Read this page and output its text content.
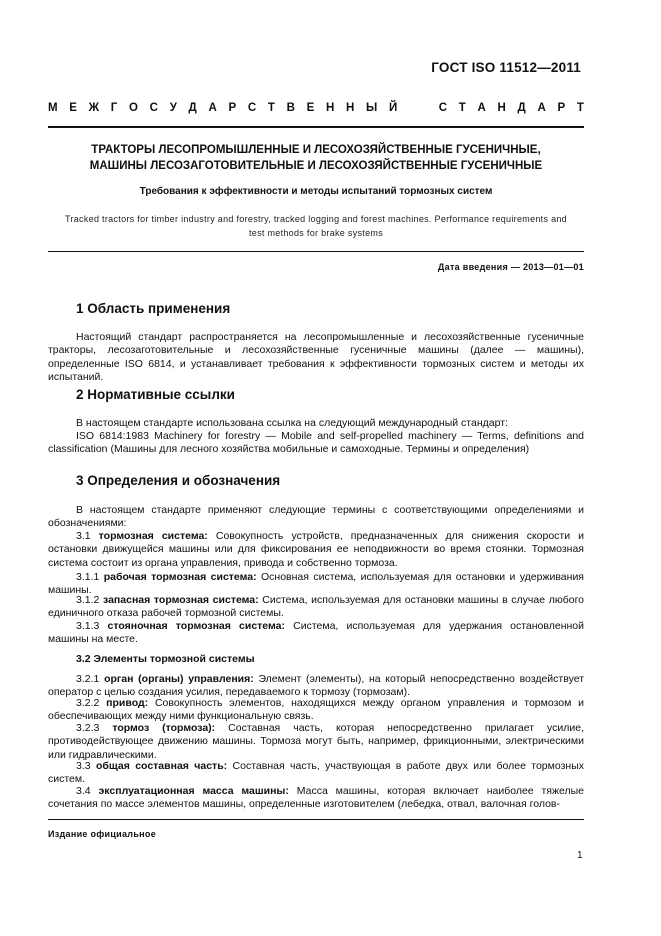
ГОСТ ISO 11512—2011
М Е Ж Г О С У Д А Р С Т В Е Н Н Ы Й

	С Т А Н Д А Р Т
ТРАКТОРЫ ЛЕСОПРОМЫШЛЕННЫЕ И ЛЕСОХОЗЯЙСТВЕННЫЕ ГУСЕНИЧНЫЕ,
МАШИНЫ ЛЕСОЗАГОТОВИТЕЛЬНЫЕ И ЛЕСОХОЗЯЙСТВЕННЫЕ ГУСЕНИЧНЫЕ
Требования к эффективности и методы испытаний тормозных систем
Tracked tractors for timber industry and forestry, tracked logging and forest machines. Performance requirements and
test methods for brake systems
Дата введения — 2013—01—01
1 Область применения

Настоящий стандарт распространяется на лесопромышленные и лесохозяйственные гусеничные тракторы, лесозаготовительные и лесохозяйственные гусеничные машины (далее — машины), определенные ISO 6814, и устанавливает требования к эффективности тормозных систем и методы их испытаний.

2 Нормативные ссылки

В настоящем стандарте использована ссылка на следующий международный стандарт:

ISO 6814:1983 Machinery for forestry — Mobile and self-propelled machinery — Terms, definitions and classification (Машины для лесного хозяйства мобильные и самоходные. Термины и определения)

3 Определения и обозначения

В настоящем стандарте применяют следующие термины с соответствующими определениями и обозначениями:

3.1 тормозная система: Совокупность устройств, предназначенных для снижения скорости и остановки движущейся машины или для фиксирования ее неподвижности во время стоянки. Тормозная система состоит из органа управления, привода и собственно тормоза.

3.1.1 рабочая тормозная система: Основная система, используемая для остановки и удерживания машины.

3.1.2 запасная тормозная система: Система, используемая для остановки машины в случае любого единичного отказа рабочей тормозной системы.

3.1.3 стояночная тормозная система: Система, используемая для удержания остановленной машины на месте.

3.2 Элементы тормозной системы

3.2.1 орган (органы) управления: Элемент (элементы), на который непосредственно воздействует оператор с целью создания усилия, передаваемого к тормозу (тормозам).

3.2.2 привод: Совокупность элементов, находящихся между органом управления и тормозом и обеспечивающих между ними функциональную связь.

3.2.3 тормоз (тормоза): Составная часть, которая непосредственно прилагает усилие, противодействующее движению машины. Тормоза могут быть, например, фрикционными, электрическими или гидравлическими.

3.3 общая составная часть: Составная часть, участвующая в работе двух или более тормозных систем.

3.4 эксплуатационная масса машины: Масса машины, которая включает наиболее тяжелые сочетания по массе элементов машины, определенные изготовителем (лебедка, отвал, валочная голов-

Издание официальное
1
